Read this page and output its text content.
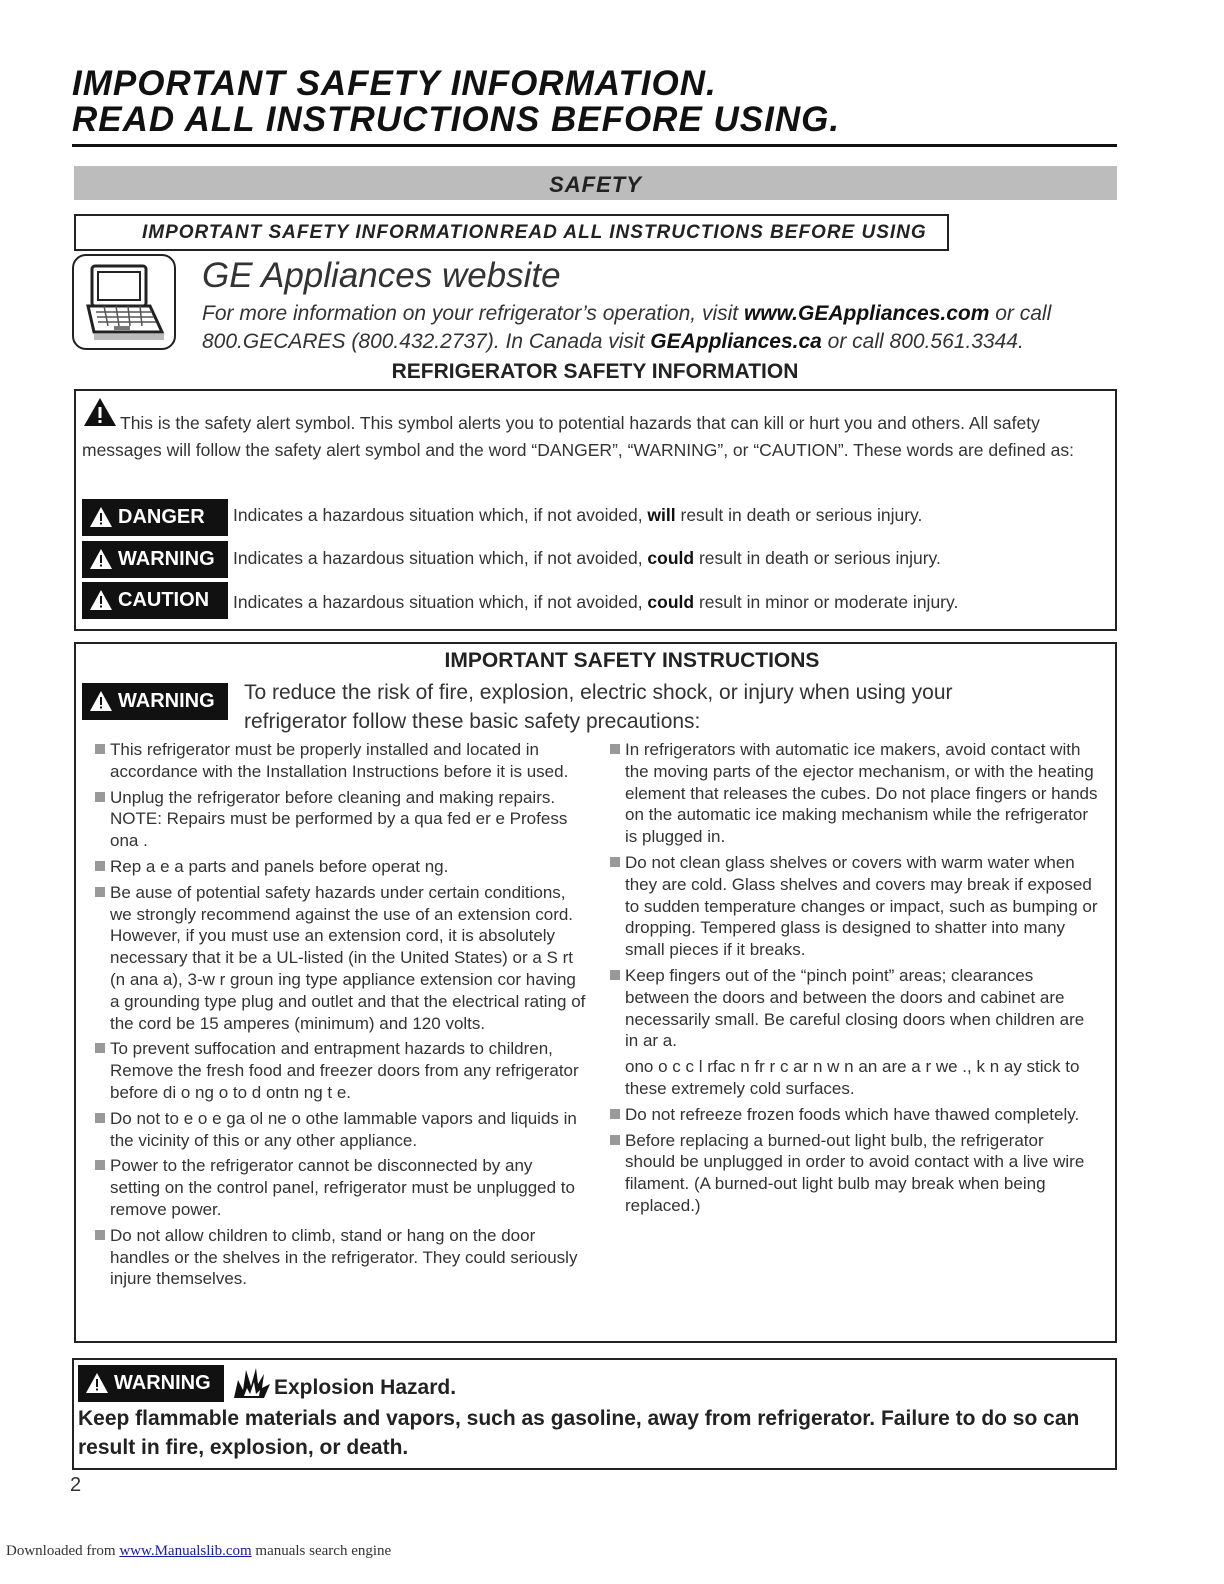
IMPORTANT SAFETY INFORMATION.
READ ALL INSTRUCTIONS BEFORE USING.
SAFETY
IMPORTANT SAFETY INFORMATION READ ALL INSTRUCTIONS BEFORE USING
GE Appliances website
For more information on your refrigerator’s operation, visit www.GEAppliances.com or call 800.GECARES (800.432.2737). In Canada visit GEAppliances.ca or call 800.561.3344.
REFRIGERATOR SAFETY INFORMATION
This is the safety alert symbol. This symbol alerts you to potential hazards that can kill or hurt you and others. All safety messages will follow the safety alert symbol and the word “DANGER”, “WARNING”, or “CAUTION”. These words are defined as:
DANGER	Indicates a hazardous situation which, if not avoided, will result in death or serious injury.
WARNING	Indicates a hazardous situation which, if not avoided, could result in death or serious injury.
CAUTION	Indicates a hazardous situation which, if not avoided, could result in minor or moderate injury.
IMPORTANT SAFETY INSTRUCTIONS
WARNING	To reduce the risk of fire, explosion, electric shock, or injury when using your refrigerator follow these basic safety precautions:
This refrigerator must be properly installed and located in accordance with the Installation Instructions before it is used.
Unplug the refrigerator before cleaning and making repairs. NOTE: Repairs must be performed by a qua fed er e Profess ona .
Rep a e a parts and panels before operat ng.
Be ause of potential safety hazards under certain conditions, we strongly recommend against the use of an extension cord. However, if you must use an extension cord, it is absolutely necessary that it be a UL-listed (in the United States) or a S rt (n ana a), 3-w r groun ing type appliance extension cor having a grounding type plug and outlet and that the electrical rating of the cord be 15 amperes (minimum) and 120 volts.
To prevent suffocation and entrapment hazards to children, Remove the fresh food and freezer doors from any refrigerator before di o ng o to d ontn ng t e.
Do not to e o e ga ol ne o othe lammable vapors and liquids in the vicinity of this or any other appliance.
Power to the refrigerator cannot be disconnected by any setting on the control panel, refrigerator must be unplugged to remove power.
Do not allow children to climb, stand or hang on the door handles or the shelves in the refrigerator. They could seriously injure themselves.
In refrigerators with automatic ice makers, avoid contact with the moving parts of the ejector mechanism, or with the heating element that releases the cubes. Do not place fingers or hands on the automatic ice making mechanism while the refrigerator is plugged in.
Do not clean glass shelves or covers with warm water when they are cold. Glass shelves and covers may break if exposed to sudden temperature changes or impact, such as bumping or dropping. Tempered glass is designed to shatter into many small pieces if it breaks.
Keep fingers out of the “pinch point” areas; clearances between the doors and between the doors and cabinet are necessarily small. Be careful closing doors when children are in ar a.
ono o c c l rfac n fr r c ar n w n an are a r we ., k n ay stick to these extremely cold surfaces.
Do not refreeze frozen foods which have thawed completely.
Before replacing a burned-out light bulb, the refrigerator should be unplugged in order to avoid contact with a live wire filament. (A burned-out light bulb may break when being replaced.)
WARNING	Explosion Hazard.
Keep flammable materials and vapors, such as gasoline, away from refrigerator. Failure to do so can result in fire, explosion, or death.
2
Downloaded from www.Manualslib.com manuals search engine
